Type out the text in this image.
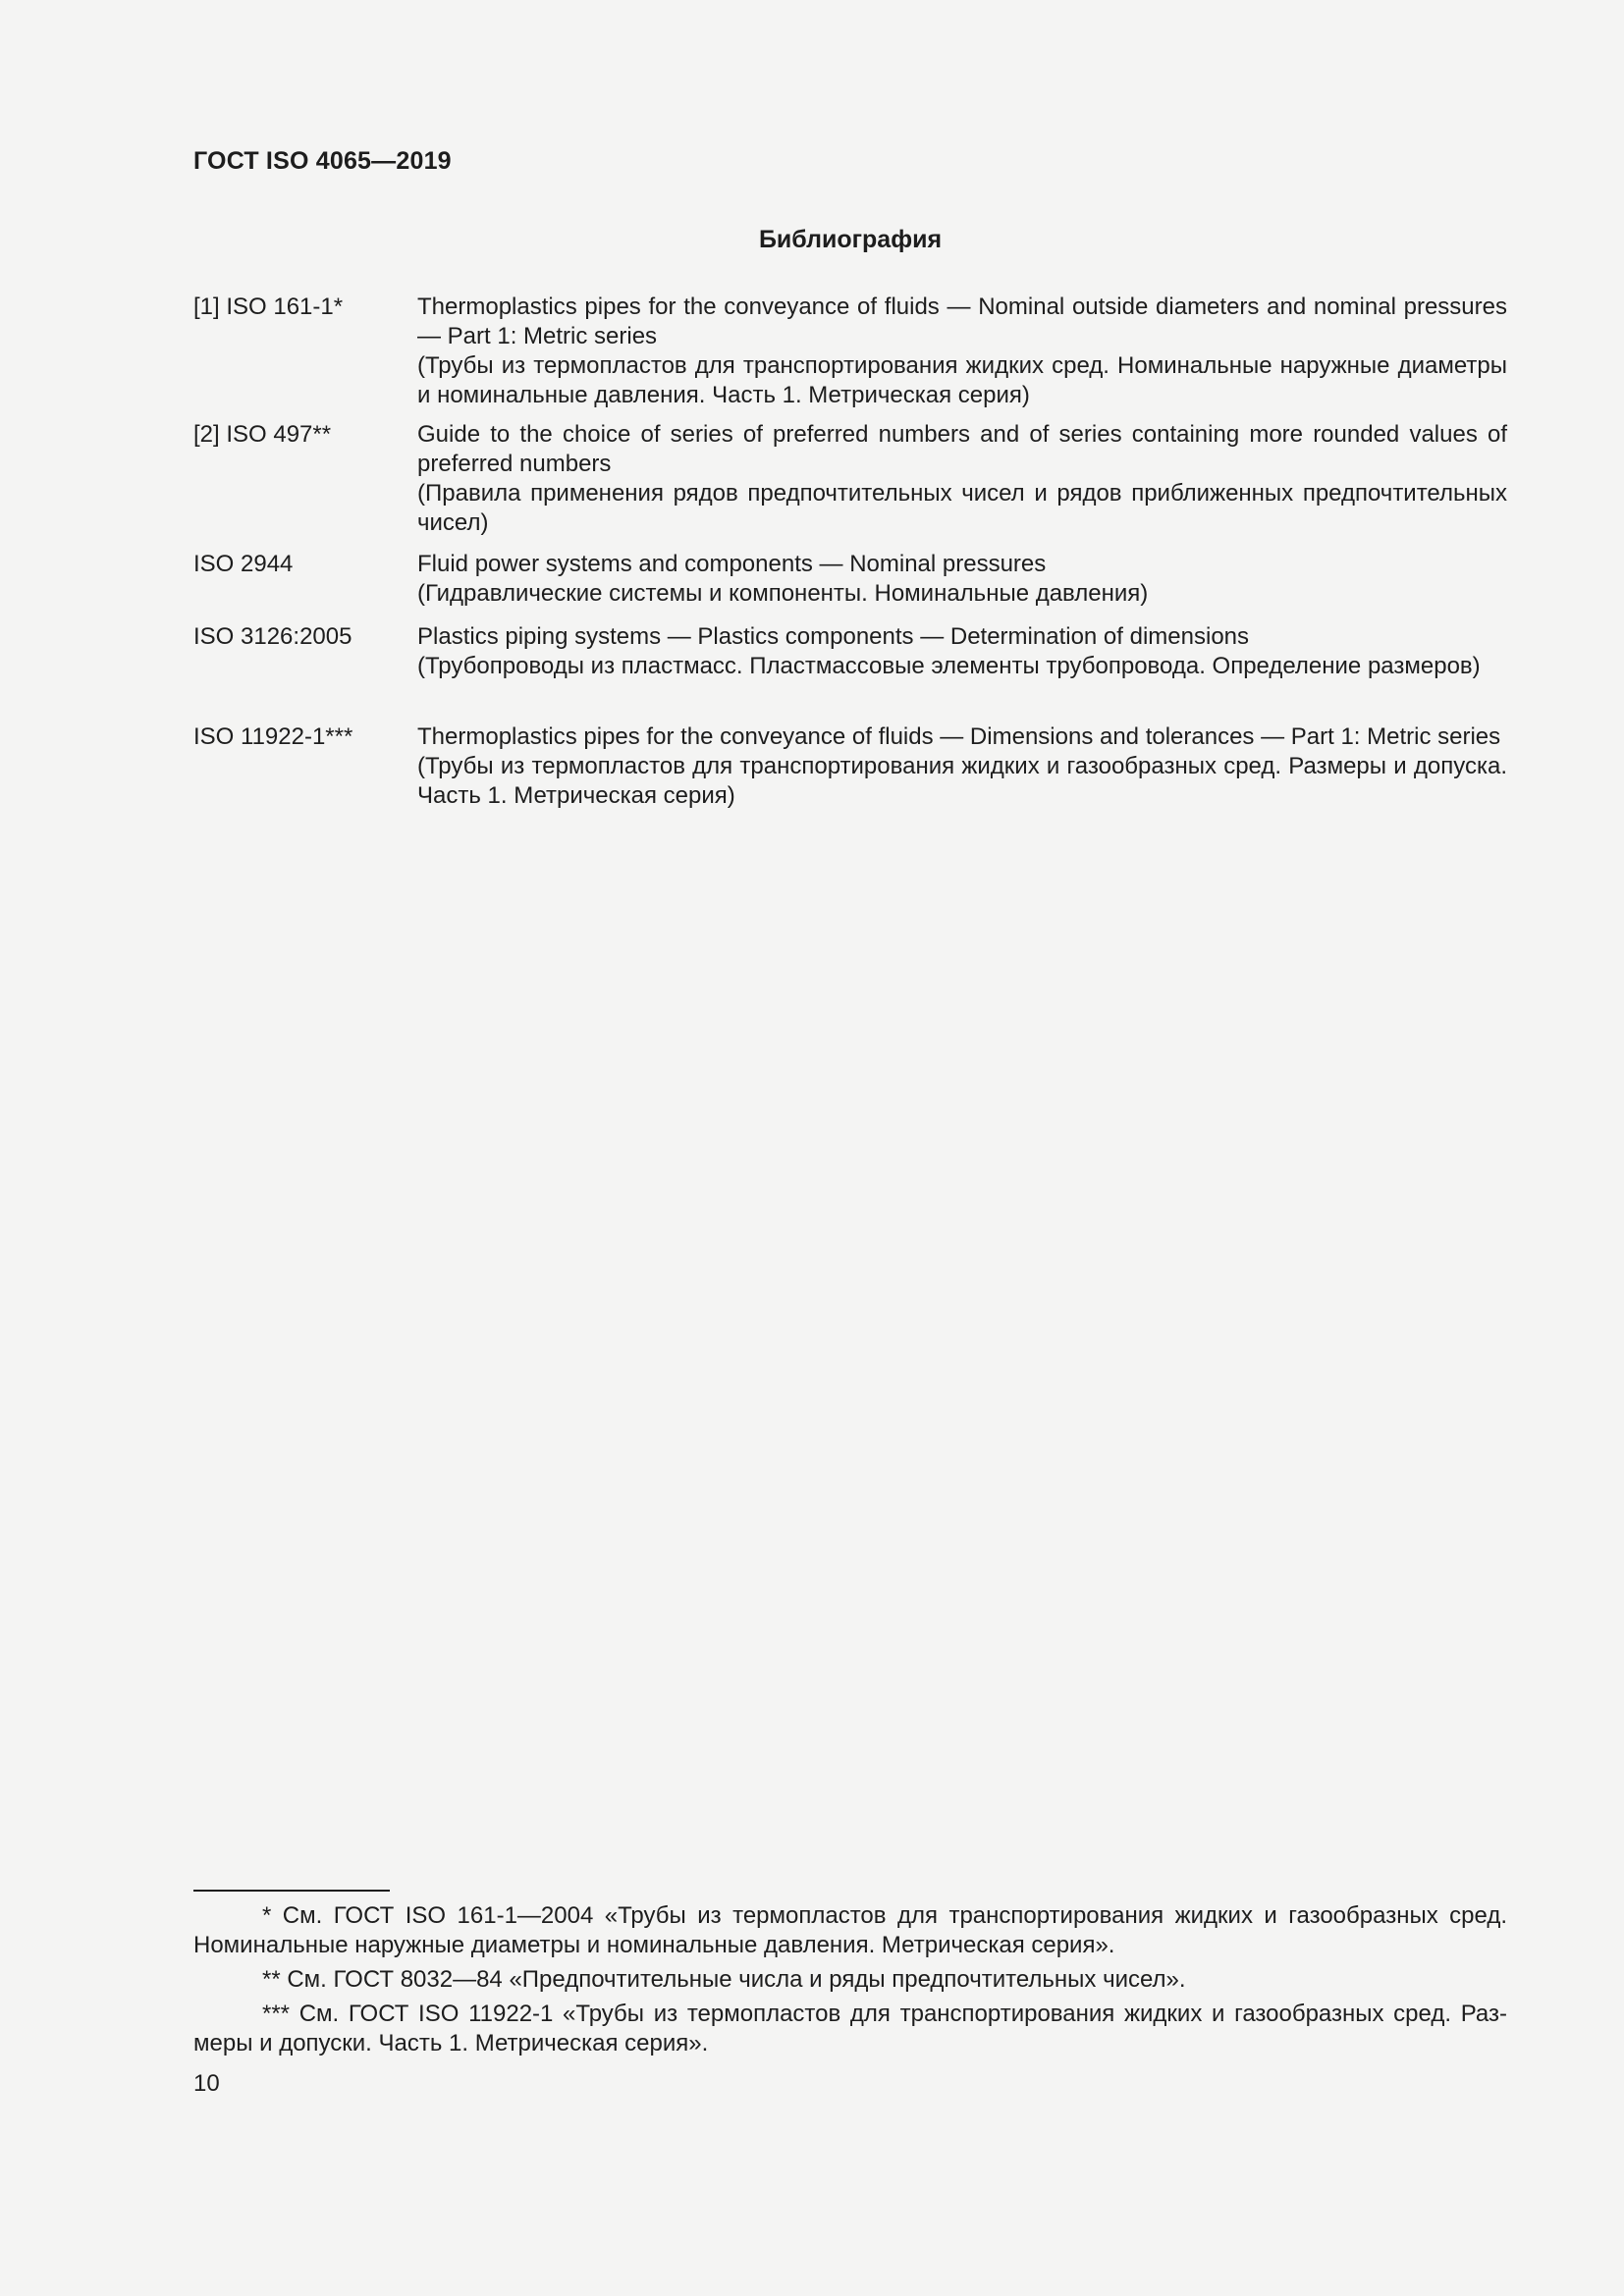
ГОСТ ISO 4065—2019
Библиография
[1] ISO 161-1*	Thermoplastics pipes for the conveyance of fluids — Nominal outside diameters and nominal pressures — Part 1: Metric series
(Трубы из термопластов для транспортирования жидких сред. Номинальные наружные диаметры и номинальные давления. Часть 1. Метрическая серия)
[2] ISO 497**	Guide to the choice of series of preferred numbers and of series containing more rounded values of preferred numbers
(Правила применения рядов предпочтительных чисел и рядов приближенных предпочтительных чисел)
ISO 2944	Fluid power systems and components — Nominal pressures
(Гидравлические системы и компоненты. Номинальные давления)
ISO 3126:2005	Plastics piping systems — Plastics components — Determination of dimensions
(Трубопроводы из пластмасс. Пластмассовые элементы трубопровода. Определение размеров)
ISO 11922-1***	Thermoplastics pipes for the conveyance of fluids — Dimensions and tolerances — Part 1: Metric series
(Трубы из термопластов для транспортирования жидких и газообразных сред. Размеры и допуска. Часть 1. Метрическая серия)
* См. ГОСТ ISO 161-1—2004 «Трубы из термопластов для транспортирования жидких и газообразных сред. Номинальные наружные диаметры и номинальные давления. Метрическая серия».
** См. ГОСТ 8032—84 «Предпочтительные числа и ряды предпочтительных чисел».
*** См. ГОСТ ISO 11922-1 «Трубы из термопластов для транспортирования жидких и газообразных сред. Размеры и допуски. Часть 1. Метрическая серия».
10
